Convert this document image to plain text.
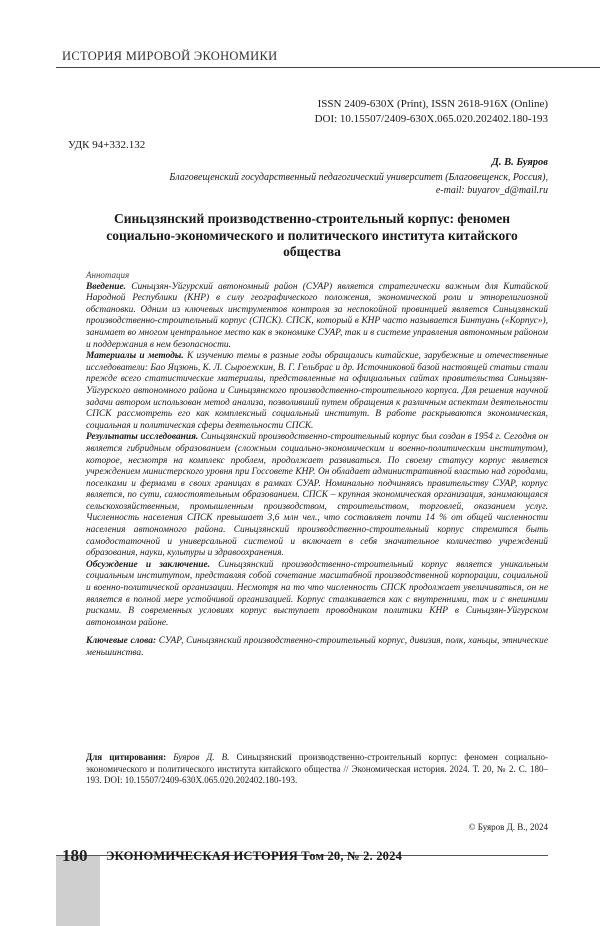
ИСТОРИЯ МИРОВОЙ ЭКОНОМИКИ
ISSN 2409-630X (Print), ISSN 2618-916X (Online)
DOI: 10.15507/2409-630X.065.020.202402.180-193
УДК 94+332.132
Д. В. Буяров
Благовещенский государственный педагогический университет (Благовещенск, Россия),
e-mail: buyarov_d@mail.ru
Синьцзянский производственно-строительный корпус: феномен социально-экономического и политического института китайского общества

Аннотация

Введение. Синьцзян-Уйгурский автономный район (СУАР) является стратегически важным для Китайской Народной Республики (КНР) в силу географического положения, экономической роли и этнорелигиозной обстановки. Одним из ключевых инструментов контроля за неспокойной провинцией является Синьцзянский производственно-строительный корпус (СПСК). СПСК, который в КНР часто называется Бинтуань («Корпус»), занимает во многом центральное место как в экономике СУАР, так и в системе управления автономным районом и поддержания в нем безопасности.

Материалы и методы. К изучению темы в разные годы обращались китайские, зарубежные и отечественные исследователи: Бао Яцзюнь, К. Л. Сыроежкин, В. Г. Гельбрас и др. Источниковой базой настоящей статьи стали прежде всего статистические материалы, представленные на официальных сайтах правительства Синьцзян-Уйгурского автономного района и Синьцзянского производственно-строительного корпуса. Для решения научной задачи автором использован метод анализа, позволивший путем обращения к различным аспектам деятельности СПСК рассмотреть его как комплексный социальный институт. В работе раскрываются экономическая, социальная и политическая сферы деятельности СПСК.

Результаты исследования. Синьцзянский производственно-строительный корпус был создан в 1954 г. Сегодня он является гибридным образованием (сложным социально-экономическим и военно-политическим институтом), которое, несмотря на комплекс проблем, продолжает развиваться. По своему статусу корпус является учреждением министерского уровня при Госсовете КНР. Он обладает административной властью над городами, поселками и фермами в своих границах в рамках СУАР. Номинально подчиняясь правительству СУАР, корпус является, по сути, самостоятельным образованием. СПСК – крупная экономическая организация, занимающаяся сельскохозяйственным, промышленным производством, строительством, торговлей, оказанием услуг. Численность населения СПСК превышает 3,6 млн чел., что составляет почти 14 % от общей численности населения автономного района. Синьцзянский производственно-строительный корпус стремится быть самодостаточной и универсальной системой и включает в себя значительное количество учреждений образования, науки, культуры и здравоохранения.

Обсуждение и заключение. Синьцзянский производственно-строительный корпус является уникальным социальным институтом, представляя собой сочетание масштабной производственной корпорации, социальной и военно-политической организации. Несмотря на то что численность СПСК продолжает увеличиваться, он не является в полной мере устойчивой организацией. Корпус сталкивается как с внутренними, так и с внешними рисками. В современных условиях корпус выступает проводником политики КНР в Синьцзян-Уйгурском автономном районе.

Ключевые слова: СУАР, Синьцзянский производственно-строительный корпус, дивизия, полк, ханьцы, этнические меньшинства.

Для цитирования: Буяров Д. В. Синьцзянский производственно-строительный корпус: феномен социально-экономического и политического института китайского общества // Экономическая история. 2024. Т. 20, № 2. С. 180–193. DOI: 10.15507/2409-630X.065.020.202402.180-193.
© Буяров Д. В., 2024
180 ЭКОНОМИЧЕСКАЯ ИСТОРИЯ Том 20, № 2. 2024
